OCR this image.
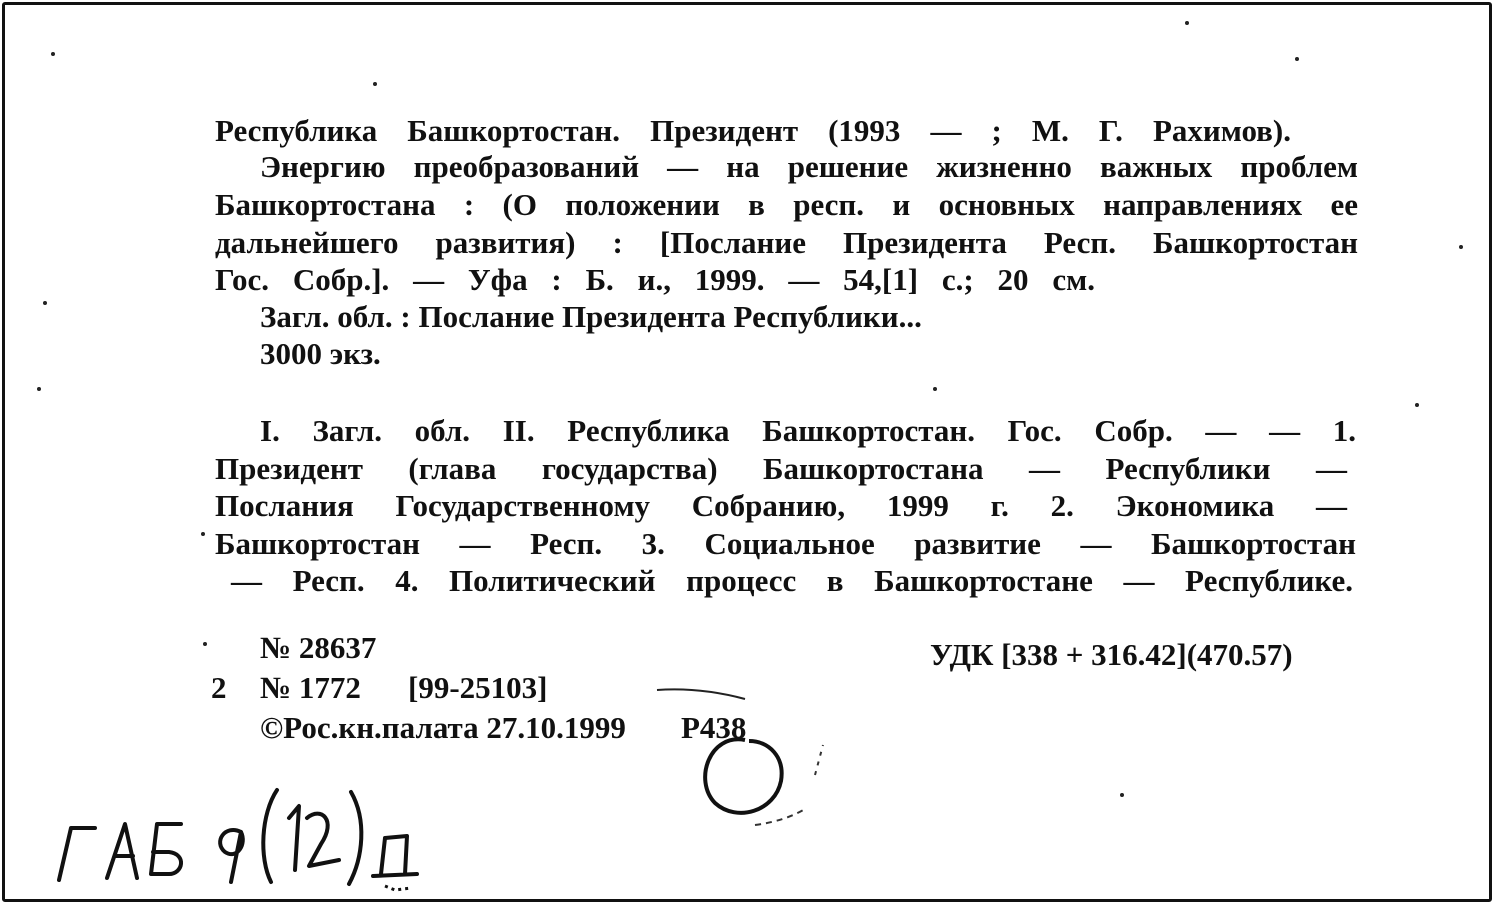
Республика Башкортостан. Президент (1993 — ; М. Г. Рахимов).
Энергию преобразований — на решение жизненно важных проблем
Башкортостана : (О положении в респ. и основных направлениях ее
дальнейшего развития) : [Послание Президента Респ. Башкортостан
Гос. Собр.]. — Уфа : Б. и., 1999. — 54,[1] с.; 20 см.
Загл. обл. : Послание Президента Республики...
3000 экз.
I. Загл. обл. II. Республика Башкортостан. Гос. Собр. — — 1.
Президент (глава государства) Башкортостана — Республики —
Послания Государственному Собранию, 1999 г. 2. Экономика —
Башкортостан — Респ. 3. Социальное развитие — Башкортостан
— Респ. 4. Политический процесс в Башкортостане — Республике.
№ 28637	УДК [338 + 316.42](470.57)
2 № 1772 [99-25103]
©Рос.кн.палата 27.10.1999 Р438
